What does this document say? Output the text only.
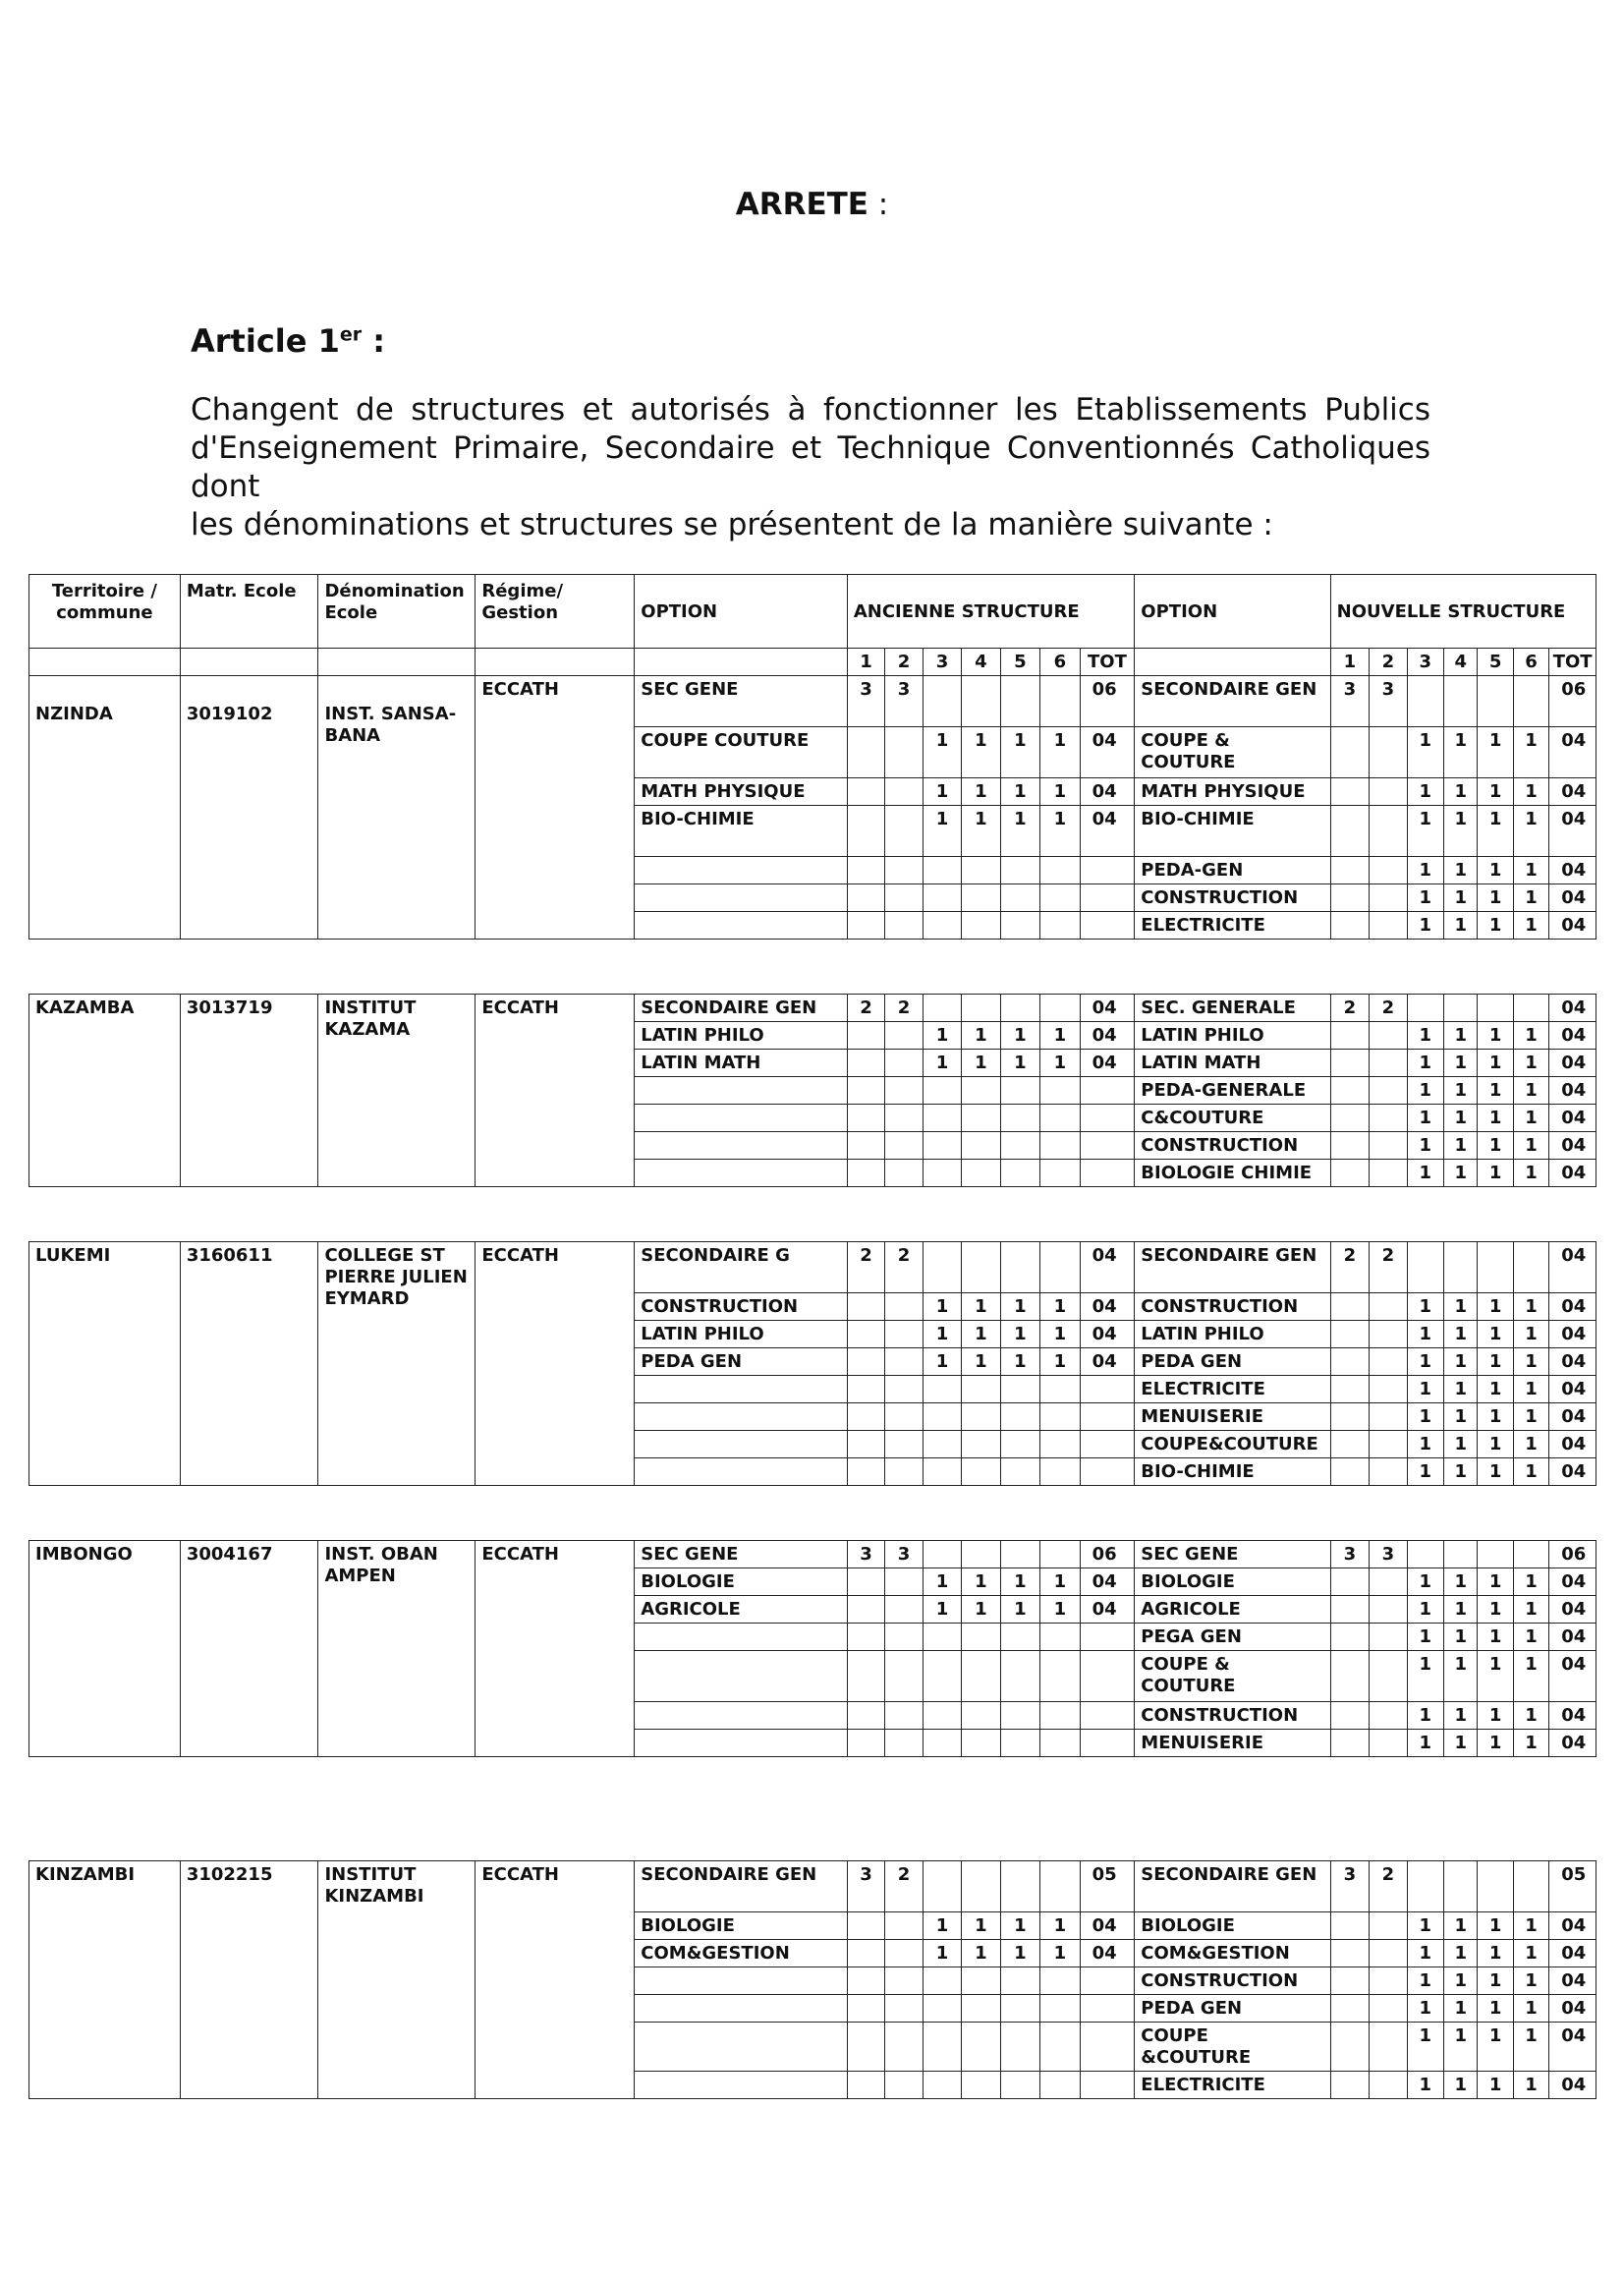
ARRETE :
Article 1er :
Changent de structures et autorisés à fonctionner les Etablissements Publics
d'Enseignement Primaire, Secondaire et Technique Conventionnés Catholiques dont
les dénominations et structures se présentent de la manière suivante :
Territoire / commune	Matr. Ecole	Dénomination Ecole	Régime/ Gestion	OPTION	ANCIENNE STRUCTURE							OPTION	NOUVELLE STRUCTURE						
					1	2	3	4	5	6	TOT		1	2	3	4	5	6	TOT
NZINDA	3019102	INST. SANSA-BANA	ECCATH	SEC GENE	3	3					06	SECONDAIRE GEN	3	3					06
				COUPE COUTURE			1	1	1	1	04	COUPE & COUTURE			1	1	1	1	04
				MATH PHYSIQUE			1	1	1	1	04	MATH PHYSIQUE			1	1	1	1	04
				BIO-CHIMIE			1	1	1	1	04	BIO-CHIMIE			1	1	1	1	04
												PEDA-GEN			1	1	1	1	04
												CONSTRUCTION			1	1	1	1	04
												ELECTRICITE			1	1	1	1	04

KAZAMBA	3013719	INSTITUT KAZAMA	ECCATH	SECONDAIRE GEN	2	2					04	SEC. GENERALE	2	2					04
				LATIN PHILO			1	1	1	1	04	LATIN PHILO			1	1	1	1	04
				LATIN MATH			1	1	1	1	04	LATIN MATH			1	1	1	1	04
												PEDA-GENERALE			1	1	1	1	04
												C&COUTURE			1	1	1	1	04
												CONSTRUCTION			1	1	1	1	04
												BIOLOGIE CHIMIE			1	1	1	1	04

LUKEMI	3160611	COLLEGE ST PIERRE JULIEN EYMARD	ECCATH	SECONDAIRE G	2	2					04	SECONDAIRE GEN	2	2					04
				CONSTRUCTION			1	1	1	1	04	CONSTRUCTION			1	1	1	1	04
				LATIN PHILO			1	1	1	1	04	LATIN PHILO			1	1	1	1	04
				PEDA GEN			1	1	1	1	04	PEDA GEN			1	1	1	1	04
												ELECTRICITE			1	1	1	1	04
												MENUISERIE			1	1	1	1	04
												COUPE&COUTURE			1	1	1	1	04
												BIO-CHIMIE			1	1	1	1	04

IMBONGO	3004167	INST. OBAN AMPEN	ECCATH	SEC GENE	3	3					06	SEC GENE	3	3					06
				BIOLOGIE			1	1	1	1	04	BIOLOGIE			1	1	1	1	04
				AGRICOLE			1	1	1	1	04	AGRICOLE			1	1	1	1	04
												PEGA GEN			1	1	1	1	04
												COUPE & COUTURE			1	1	1	1	04
												CONSTRUCTION			1	1	1	1	04
												MENUISERIE			1	1	1	1	04

KINZAMBI	3102215	INSTITUT KINZAMBI	ECCATH	SECONDAIRE GEN	3	2					05	SECONDAIRE GEN	3	2					05
				BIOLOGIE			1	1	1	1	04	BIOLOGIE			1	1	1	1	04
				COM&GESTION			1	1	1	1	04	COM&GESTION			1	1	1	1	04
												CONSTRUCTION			1	1	1	1	04
												PEDA GEN			1	1	1	1	04
												COUPE &COUTURE			1	1	1	1	04
												ELECTRICITE			1	1	1	1	04
